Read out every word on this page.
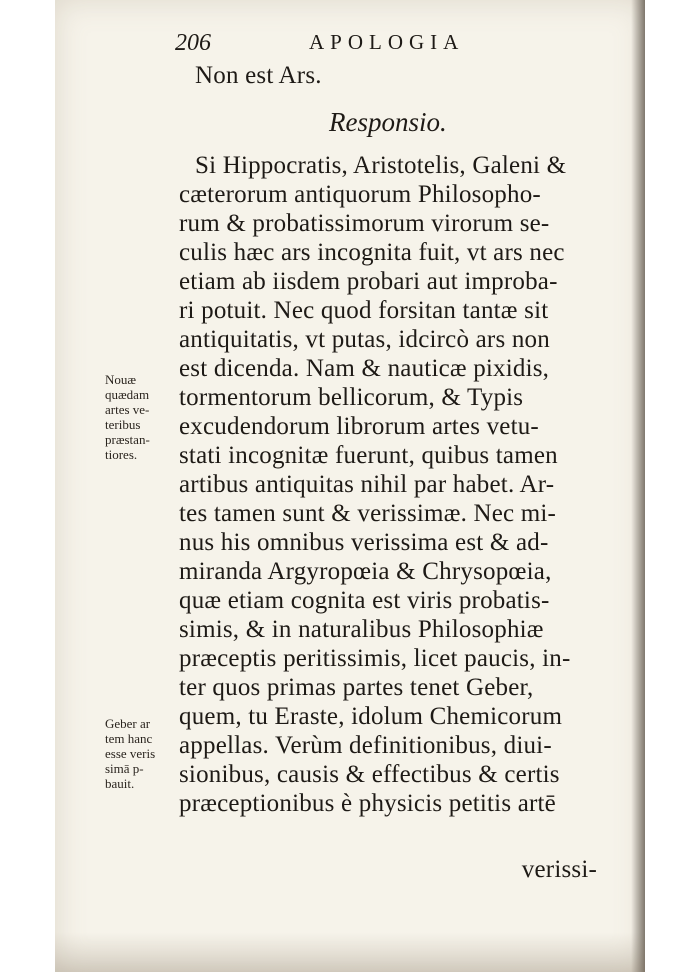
206	APOLOGIA
Non est Ars.
Responsio.
Si Hippocratis, Aristotelis, Galeni &
cæterorum antiquorum Philosopho-
rum & probatissimorum virorum se-
culis hæc ars incognita fuit, vt ars nec
etiam ab iisdem probari aut improba-
ri potuit. Nec quod forsitan tantæ sit
antiquitatis, vt putas, idcircò ars non
est dicenda. Nam & nauticæ pixidis,
tormentorum bellicorum, & Typis
excudendorum librorum artes vetu-
stati incognitæ fuerunt, quibus tamen
artibus antiquitas nihil par habet. Ar-
tes tamen sunt & verissimæ. Nec mi-
nus his omnibus verissima est & ad-
miranda Argyropœia & Chrysopœia,
quæ etiam cognita est viris probatis-
simis, & in naturalibus Philosophiæ
præceptis peritissimis, licet paucis, in-
ter quos primas partes tenet Geber,
quem, tu Eraste, idolum Chemicorum
appellas. Verùm definitionibus, diui-
sionibus, causis & effectibus & certis
præceptionibus è physicis petitis artē
verissi-
Nouæ
quædam
artes ve-
teribus
præstan-
tiores.
Geber ar
tem hanc
esse veris
simā p-
bauit.
